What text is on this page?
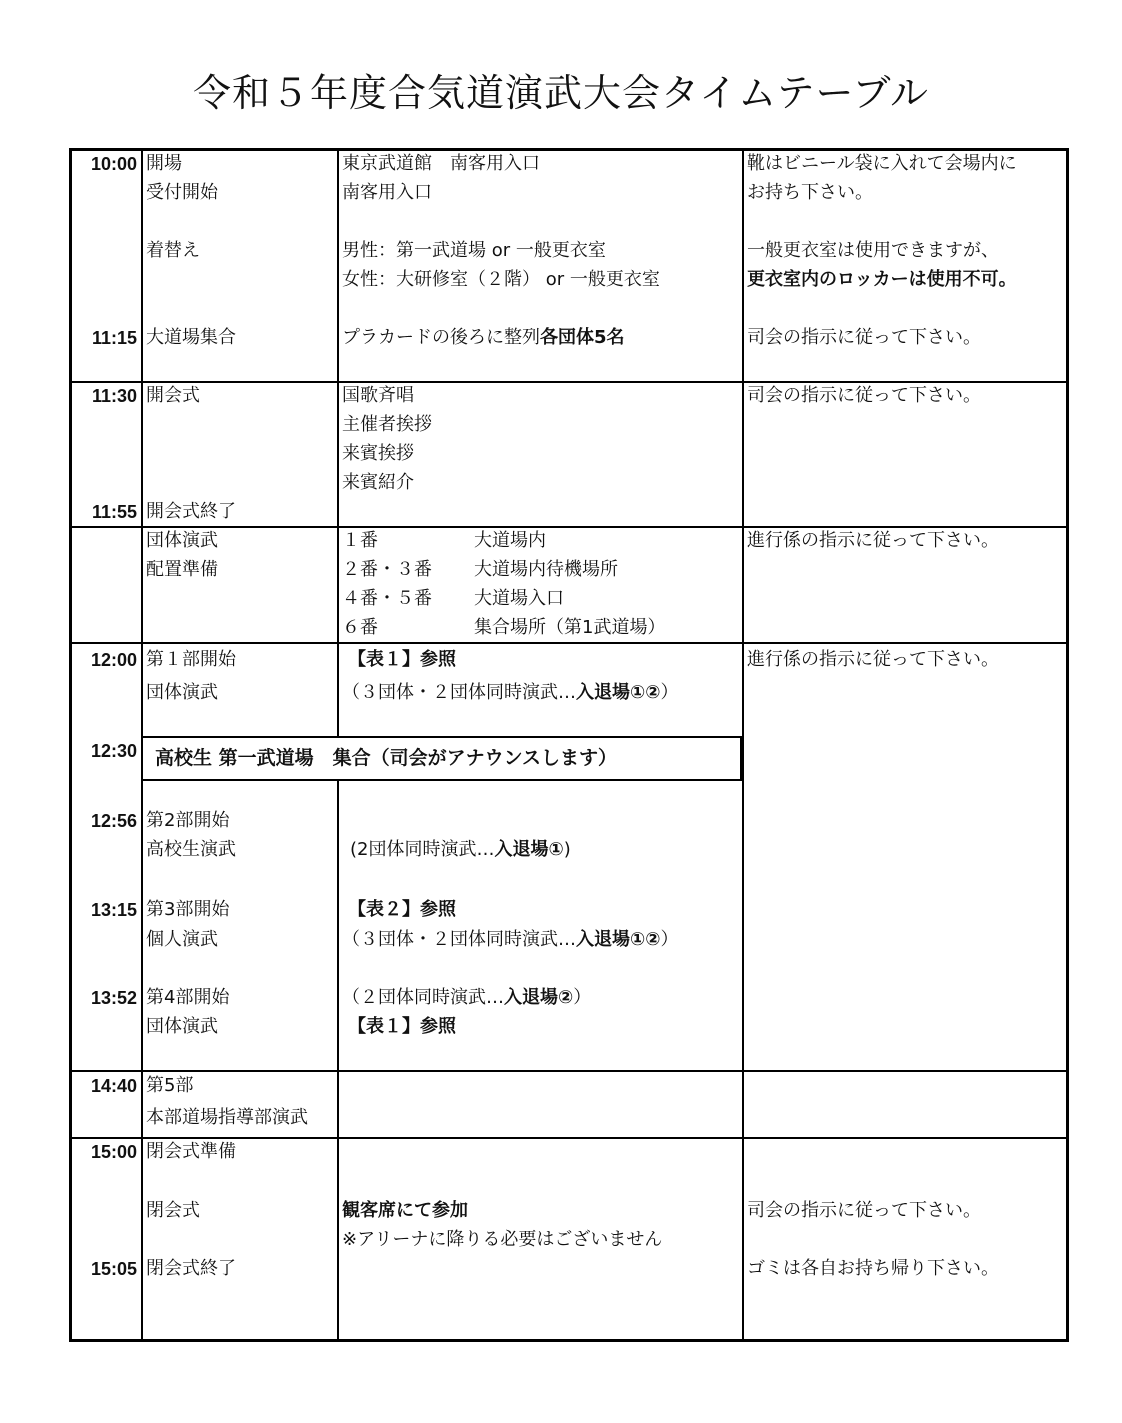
令和５年度合気道演武大会タイムテーブル
10:00
11:15
開場
受付開始
着替え
大道場集合
東京武道館　南客用入口
南客用入口
男性：第一武道場 or 一般更衣室
女性：大研修室（２階） or 一般更衣室
プラカードの後ろに整列各団体5名
靴はビニール袋に入れて会場内に
お持ち下さい。
一般更衣室は使用できますが、
更衣室内のロッカーは使用不可。
司会の指示に従って下さい。
11:30
11:55
開会式
開会式終了
国歌斉唱
主催者挨拶
来賓挨拶
来賓紹介
司会の指示に従って下さい。
団体演武
配置準備
１番	大道場内
２番・３番 大道場内待機場所
４番・５番 大道場入口
６番	集合場所（第1武道場）
進行係の指示に従って下さい。
12:00
12:30
12:56
13:15
13:52
第１部開始
団体演武
第2部開始
高校生演武
第3部開始
個人演武
第4部開始
団体演武
【表１】参照
（３団体・２団体同時演武…入退場①②）
高校生 第一武道場　集合（司会がアナウンスします）
(2団体同時演武…入退場①)
【表２】参照
（３団体・２団体同時演武…入退場①②）
（２団体同時演武…入退場②）
【表１】参照
進行係の指示に従って下さい。
14:40 第5部
本部道場指導部演武
15:00
15:05
閉会式準備
閉会式
閉会式終了
観客席にて参加
※アリーナに降りる必要はございません
司会の指示に従って下さい。
ゴミは各自お持ち帰り下さい。
